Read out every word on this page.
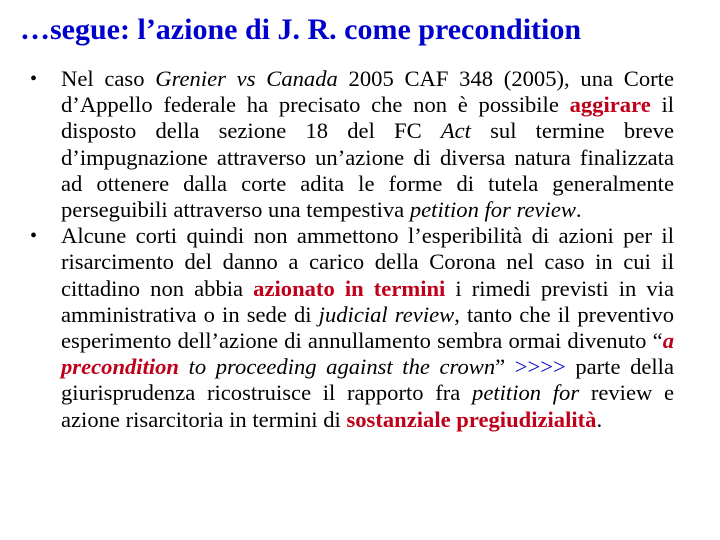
…segue: l’azione di J. R. come precondition
• Nel caso Grenier vs Canada 2005 CAF 348 (2005), una Corte d’Appello federale ha precisato che non è possibile aggirare il disposto della sezione 18 del FC Act sul termine breve d’impugnazione attraverso un’azione di diversa natura finalizzata ad ottenere dalla corte adita le forme di tutela generalmente perseguibili attraverso una tempestiva petition for review.
• Alcune corti quindi non ammettono l’esperibilità di azioni per il risarcimento del danno a carico della Corona nel caso in cui il cittadino non abbia azionato in termini i rimedi previsti in via amministrativa o in sede di judicial review, tanto che il preventivo esperimento dell’azione di annullamento sembra ormai divenuto “a precondition to proceeding against the crown” >>>> parte della giurisprudenza ricostruisce il rapporto fra petition for review e azione risarcitoria in termini di sostanziale pregiudizialità.
